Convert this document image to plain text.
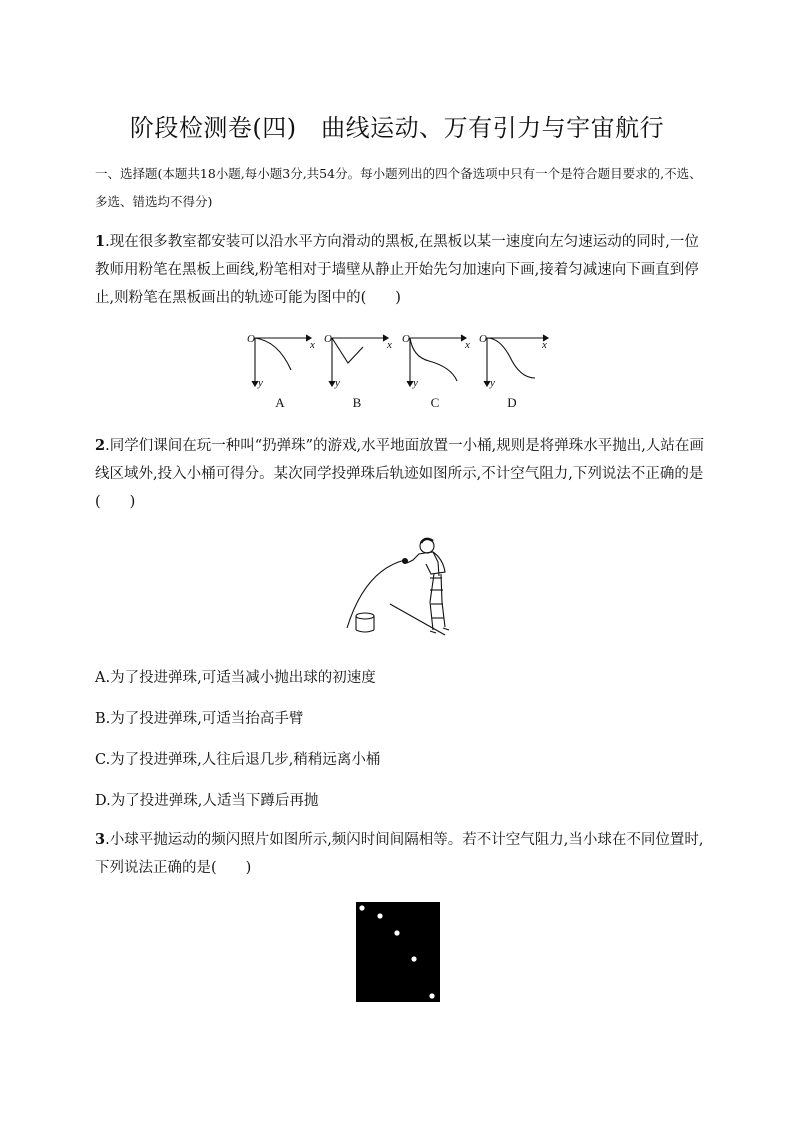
阶段检测卷(四)　曲线运动、万有引力与宇宙航行
一、选择题(本题共18小题,每小题3分,共54分。每小题列出的四个备选项中只有一个是符合题目要求的,不选、多选、错选均不得分)
1.现在很多教室都安装可以沿水平方向滑动的黑板,在黑板以某一速度向左匀速运动的同时,一位教师用粉笔在黑板上画线,粉笔相对于墙壁从静止开始先匀加速向下画,接着匀减速向下画直到停止,则粉笔在黑板画出的轨迹可能为图中的(　　)
O	x
y
O	x
y
O	x
y
O	x
y
A	B	C	D
2.同学们课间在玩一种叫“扔弹珠”的游戏,水平地面放置一小桶,规则是将弹珠水平抛出,人站在画线区域外,投入小桶可得分。某次同学投弹珠后轨迹如图所示,不计空气阻力,下列说法不正确的是(　　)
A.为了投进弹珠,可适当减小抛出球的初速度
B.为了投进弹珠,可适当抬高手臂
C.为了投进弹珠,人往后退几步,稍稍远离小桶
D.为了投进弹珠,人适当下蹲后再抛
3.小球平抛运动的频闪照片如图所示,频闪时间间隔相等。若不计空气阻力,当小球在不同位置时,下列说法正确的是(　　)
